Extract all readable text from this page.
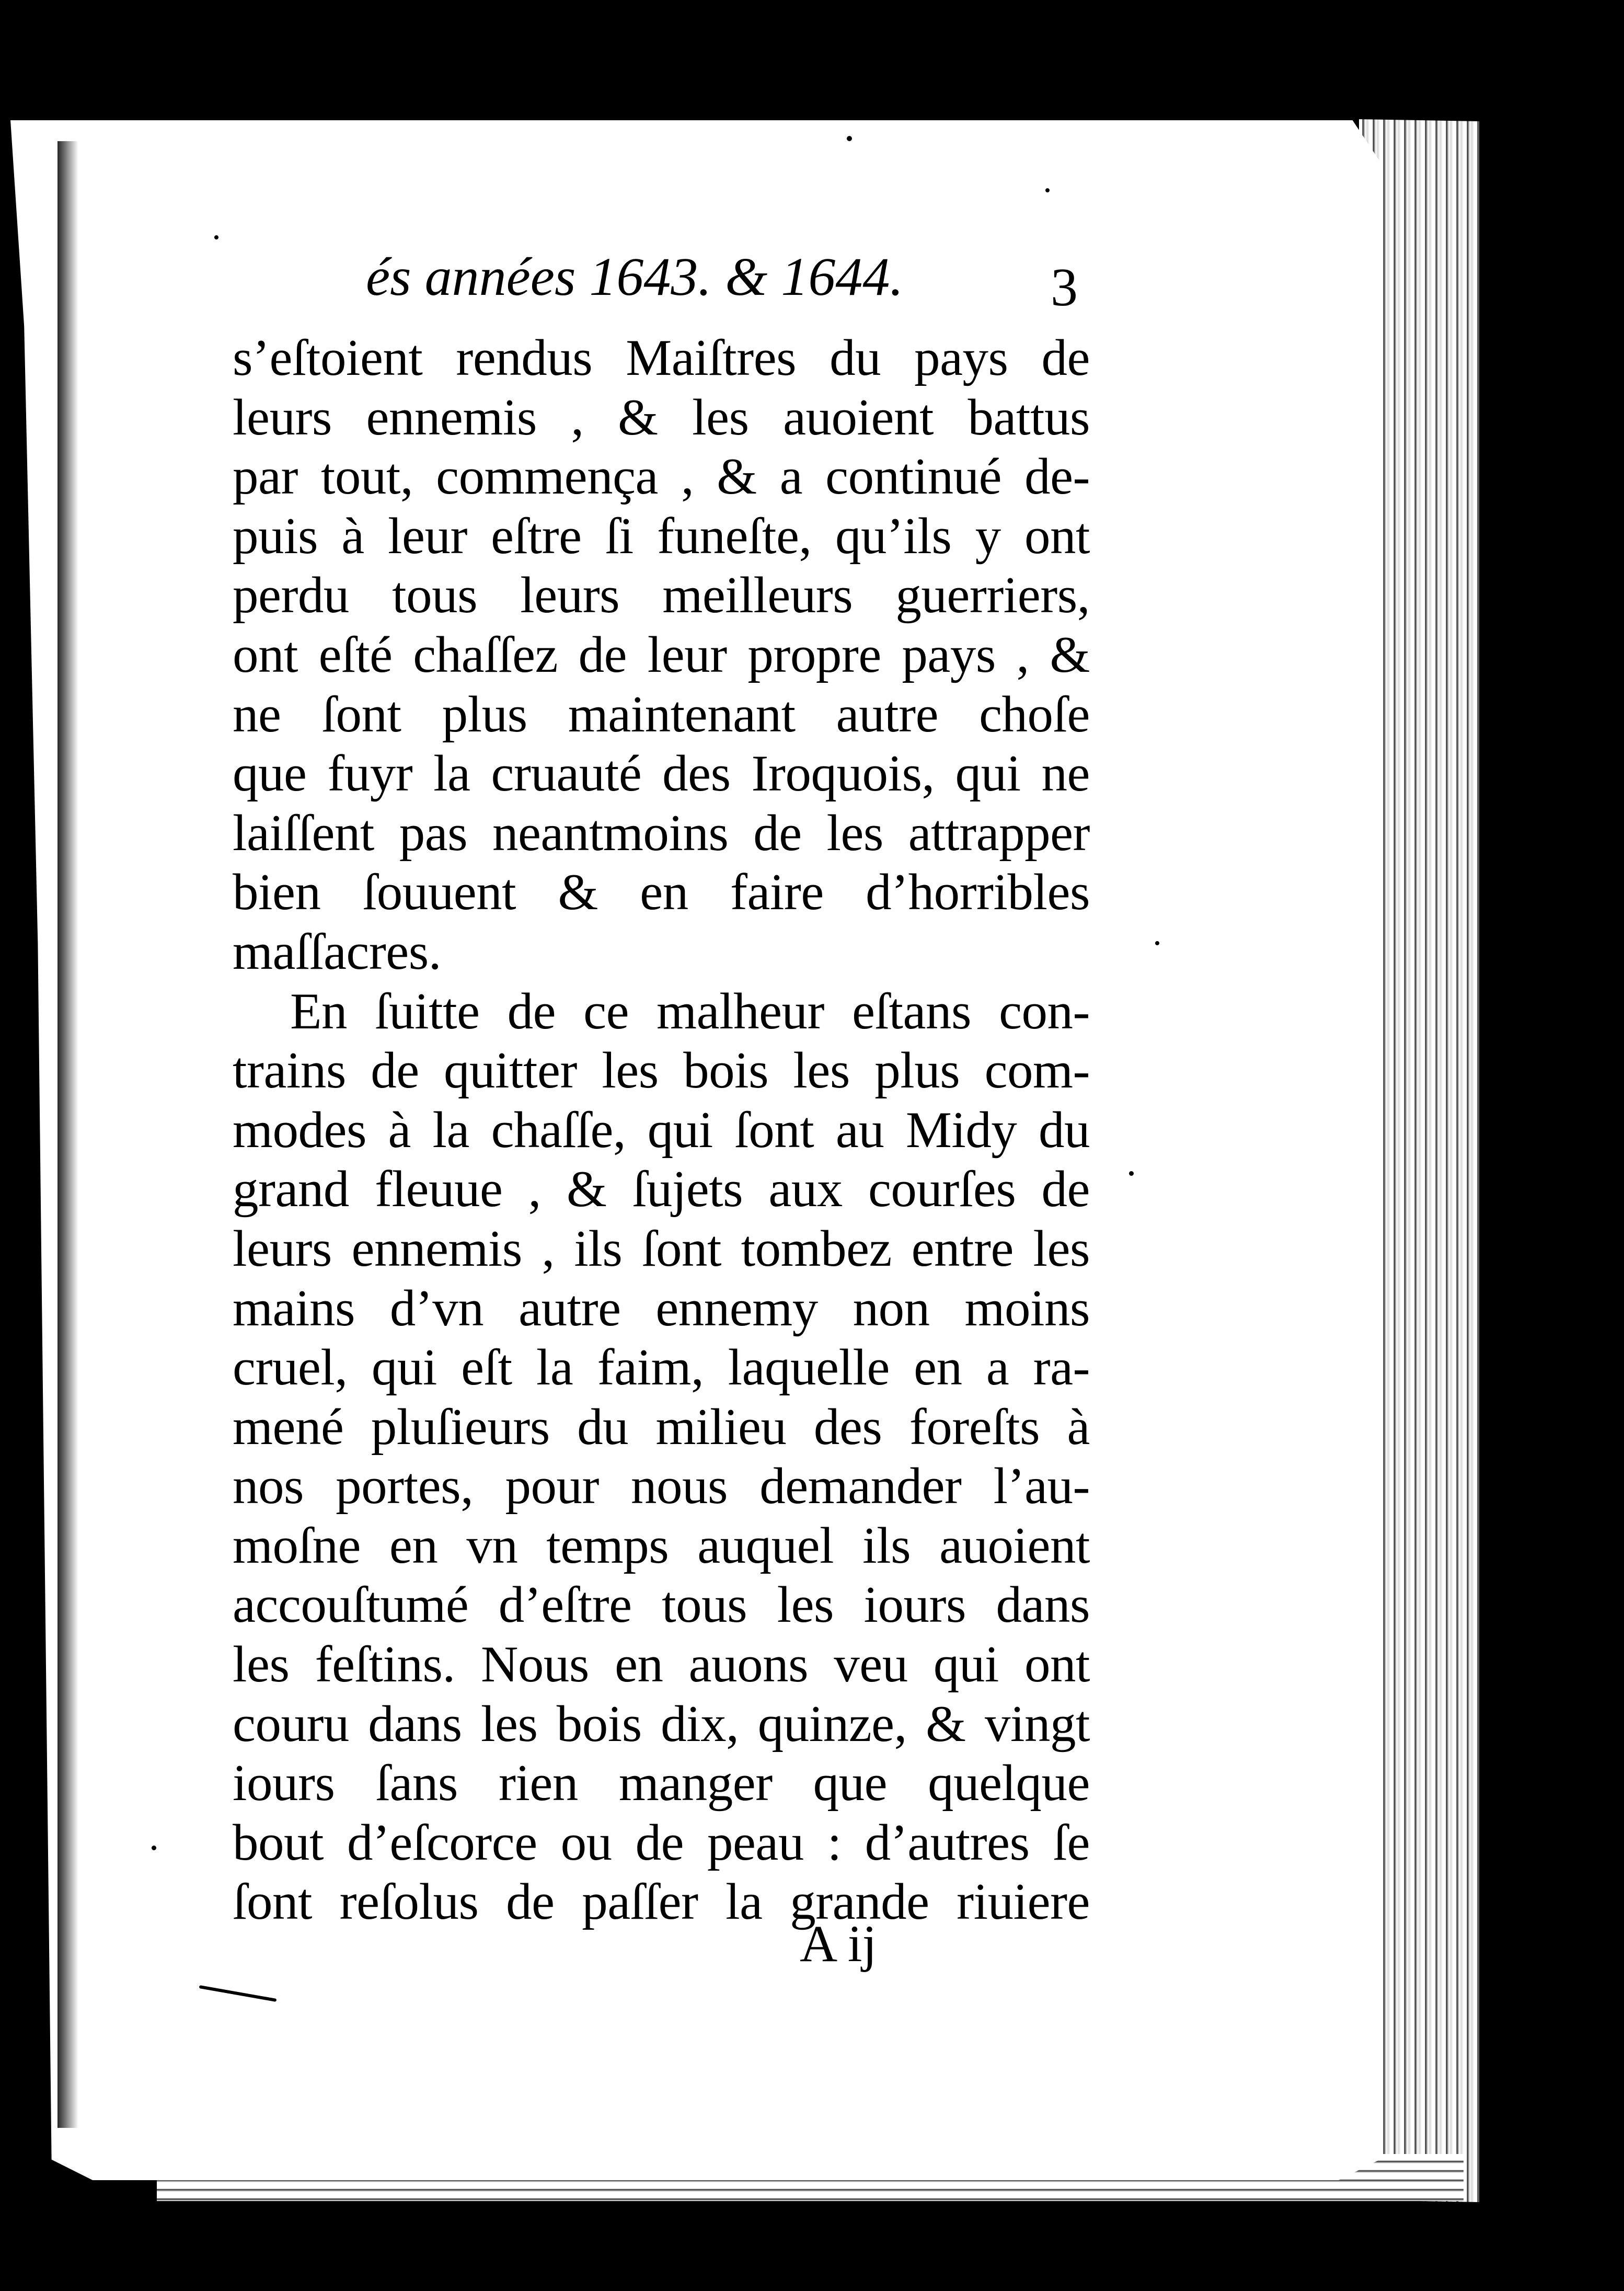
és années 1643. & 1644.	3
s’eſtoient rendus Maiſtres du pays de
leurs ennemis , & les auoient battus
par tout, commença , & a continué de-
puis à leur eſtre ſi funeſte, qu’ils y ont
perdu tous leurs meilleurs guerriers,
ont eſté chaſſez de leur propre pays , &
ne ſont plus maintenant autre choſe
que fuyr la cruauté des Iroquois, qui ne
laiſſent pas neantmoins de les attrapper
bien ſouuent & en faire d’horribles
maſſacres.
En ſuitte de ce malheur eſtans con-
trains de quitter les bois les plus com-
modes à la chaſſe, qui ſont au Midy du
grand fleuue , & ſujets aux courſes de
leurs ennemis , ils ſont tombez entre les
mains d’vn autre ennemy non moins
cruel, qui eſt la faim, laquelle en a ra-
mené pluſieurs du milieu des foreſts à
nos portes, pour nous demander l’au-
moſne en vn temps auquel ils auoient
accouſtumé d’eſtre tous les iours dans
les feſtins. Nous en auons veu qui ont
couru dans les bois dix, quinze, & vingt
iours ſans rien manger que quelque
bout d’eſcorce ou de peau : d’autres ſe
ſont reſolus de paſſer la grande riuiere
A ij
